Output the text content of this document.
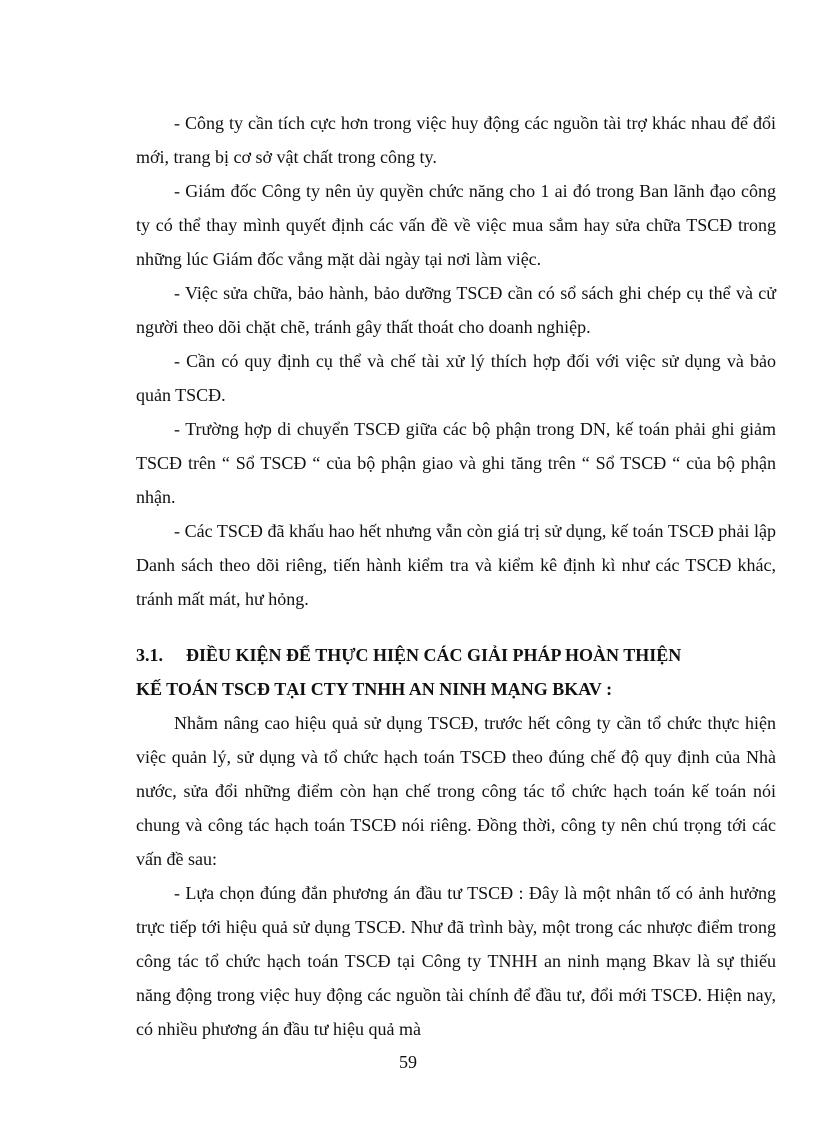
- Công ty cần tích cực hơn trong việc huy động các nguồn tài trợ khác nhau để đổi mới, trang bị cơ sở vật chất trong công ty.

- Giám đốc Công ty nên ủy quyền chức năng cho 1 ai đó trong Ban lãnh đạo công ty có thể thay mình quyết định các vấn đề về việc mua sắm hay sửa chữa TSCĐ trong những lúc Giám đốc vắng mặt dài ngày tại nơi làm việc.

- Việc sửa chữa, bảo hành, bảo dưỡng TSCĐ cần có sổ sách ghi chép cụ thể và cử người theo dõi chặt chẽ, tránh gây thất thoát cho doanh nghiệp.

- Cần có quy định cụ thể và chế tài xử lý thích hợp đối với việc sử dụng và bảo quản TSCĐ.

- Trường hợp di chuyển TSCĐ giữa các bộ phận trong DN, kế toán phải ghi giảm TSCĐ trên “ Sổ TSCĐ “ của bộ phận giao và ghi tăng trên “ Sổ TSCĐ “ của bộ phận nhận.

- Các TSCĐ đã khấu hao hết nhưng vẫn còn giá trị sử dụng, kế toán TSCĐ phải lập Danh sách theo dõi riêng, tiến hành kiểm tra và kiểm kê định kì như các TSCĐ khác, tránh mất mát, hư hỏng.

3.1. ĐIỀU KIỆN ĐỂ THỰC HIỆN CÁC GIẢI PHÁP HOÀN THIỆN
KẾ TOÁN TSCĐ TẠI CTY TNHH AN NINH MẠNG BKAV :

Nhằm nâng cao hiệu quả sử dụng TSCĐ, trước hết công ty cần tổ chức thực hiện việc quản lý, sử dụng và tổ chức hạch toán TSCĐ theo đúng chế độ quy định của Nhà nước, sửa đổi những điểm còn hạn chế trong công tác tổ chức hạch toán kế toán nói chung và công tác hạch toán TSCĐ nói riêng. Đồng thời, công ty nên chú trọng tới các vấn đề sau:

- Lựa chọn đúng đắn phương án đầu tư TSCĐ : Đây là một nhân tố có ảnh hưởng trực tiếp tới hiệu quả sử dụng TSCĐ. Như đã trình bày, một trong các nhược điểm trong công tác tổ chức hạch toán TSCĐ tại Công ty TNHH an ninh mạng Bkav là sự thiếu năng động trong việc huy động các nguồn tài chính để đầu tư, đổi mới TSCĐ. Hiện nay, có nhiều phương án đầu tư hiệu quả mà

59
